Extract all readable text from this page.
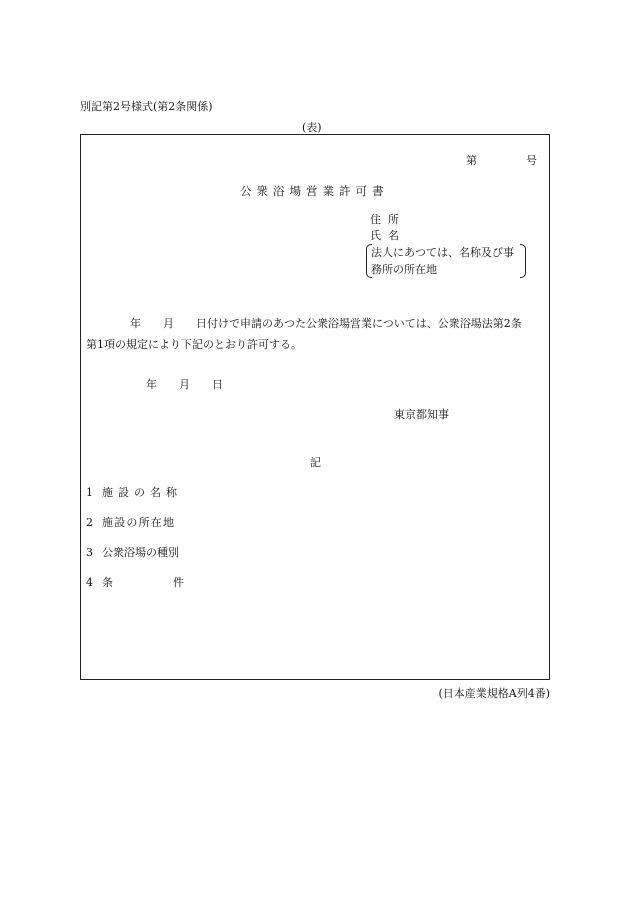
別記第2号様式(第2条関係)
(表)
第	号
公衆浴場営業許可書
住所
氏名
法人にあつては、名称及び事
務所の所在地
年 月 日付けで申請のあつた公衆浴場営業については、公衆浴場法第2条
第1項の規定により下記のとおり許可する。
年 月 日
東京都知事
記
1 施設の名称
2 施設の所在地
3 公衆浴場の種別
4 条	件
(日本産業規格A列4番)
